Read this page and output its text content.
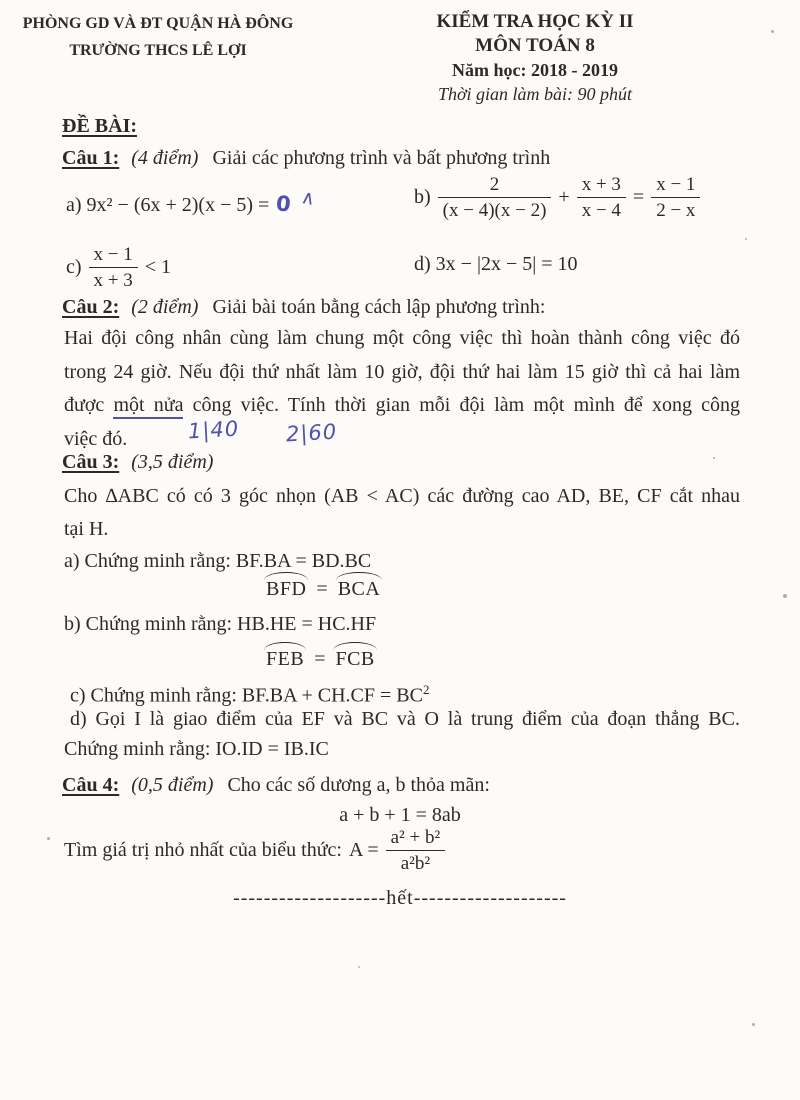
PHÒNG GD VÀ ĐT QUẬN HÀ ĐÔNG
TRƯỜNG THCS LÊ LỢI
KIỂM TRA HỌC KỲ II
MÔN TOÁN 8
Năm học: 2018 - 2019
Thời gian làm bài: 90 phút
ĐỀ BÀI:
Câu 1: (4 điểm) Giải các phương trình và bất phương trình
a) 9x² − (6x + 2)(x − 5) = 0 ∧	$b) \frac{2}{(x - 4)(x - 2)} + \frac{x + 3}{x - 4} = \frac{x - 1}{2 - x}$
$c) \frac{x - 1}{x + 3} < 1$	d) 3x − |2x − 5| = 10
Câu 2: (2 điểm) Giải bài toán bằng cách lập phương trình:
Hai đội công nhân cùng làm chung một công việc thì hoàn thành công việc đó
trong 24 giờ. Nếu đội thứ nhất làm 10 giờ, đội thứ hai làm 15 giờ thì cả hai làm
được một nửa công việc. Tính thời gian mỗi đội làm một mình để xong công
việc đó.	1|40 2|60
Câu 3: (3,5 điểm)
Cho ∆ABC có có 3 góc nhọn (AB < AC) các đường cao AD, BE, CF cắt nhau
tại H.
a) Chứng minh rằng: BF.BA = BD.BC
BFD = BCA
b) Chứng minh rằng: HB.HE = HC.HF
FEB = FCB
c) Chứng minh rằng: $BF.BA + CH.CF = BC^2$
d) Gọi I là giao điểm của EF và BC và O là trung điểm của đoạn thẳng BC.
Chứng minh rằng: IO.ID = IB.IC
Câu 4: (0,5 điểm) Cho các số dương a, b thỏa mãn:
a + b + 1 = 8ab
Tìm giá trị nhỏ nhất của biểu thức: $A = \frac{\text{a² + b²}}{\text{a²b²}}$
--------------------hết--------------------
